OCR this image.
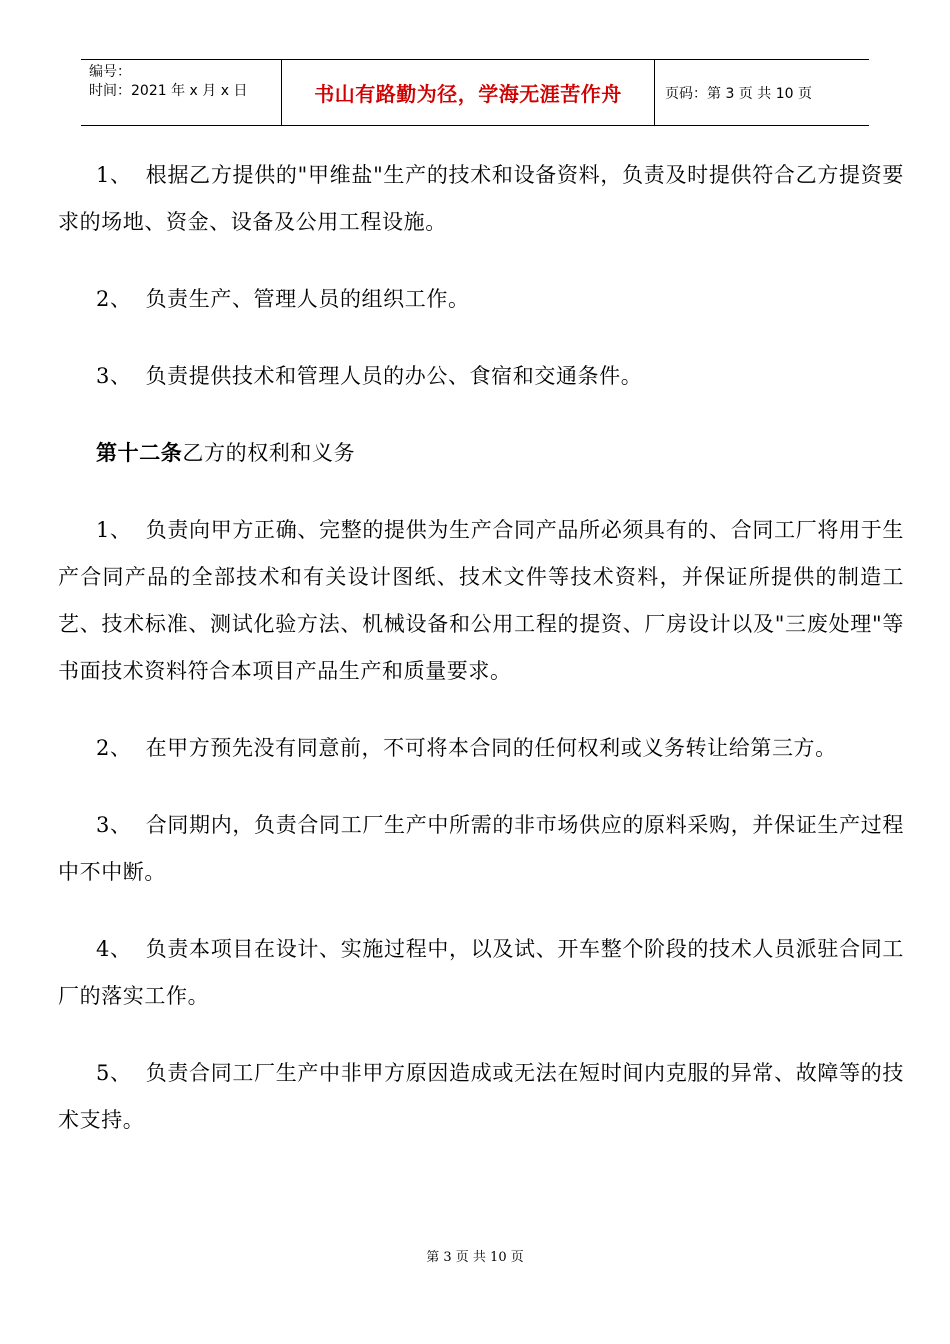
编号：
时间：2021 年 x 月 x 日	书山有路勤为径，学海无涯苦作舟	页码：第 3 页 共 10 页

1、 根据乙方提供的"甲维盐"生产的技术和设备资料，负责及时提供符合乙方提资要求的场地、资金、设备及公用工程设施。

2、 负责生产、管理人员的组织工作。

3、 负责提供技术和管理人员的办公、食宿和交通条件。

第十二条乙方的权利和义务

1、 负责向甲方正确、完整的提供为生产合同产品所必须具有的、合同工厂将用于生产合同产品的全部技术和有关设计图纸、技术文件等技术资料，并保证所提供的制造工艺、技术标准、测试化验方法、机械设备和公用工程的提资、厂房设计以及"三废处理"等书面技术资料符合本项目产品生产和质量要求。

2、 在甲方预先没有同意前，不可将本合同的任何权利或义务转让给第三方。

3、 合同期内，负责合同工厂生产中所需的非市场供应的原料采购，并保证生产过程中不中断。

4、 负责本项目在设计、实施过程中，以及试、开车整个阶段的技术人员派驻合同工厂的落实工作。

5、 负责合同工厂生产中非甲方原因造成或无法在短时间内克服的异常、故障等的技术支持。

第 3 页 共 10 页
